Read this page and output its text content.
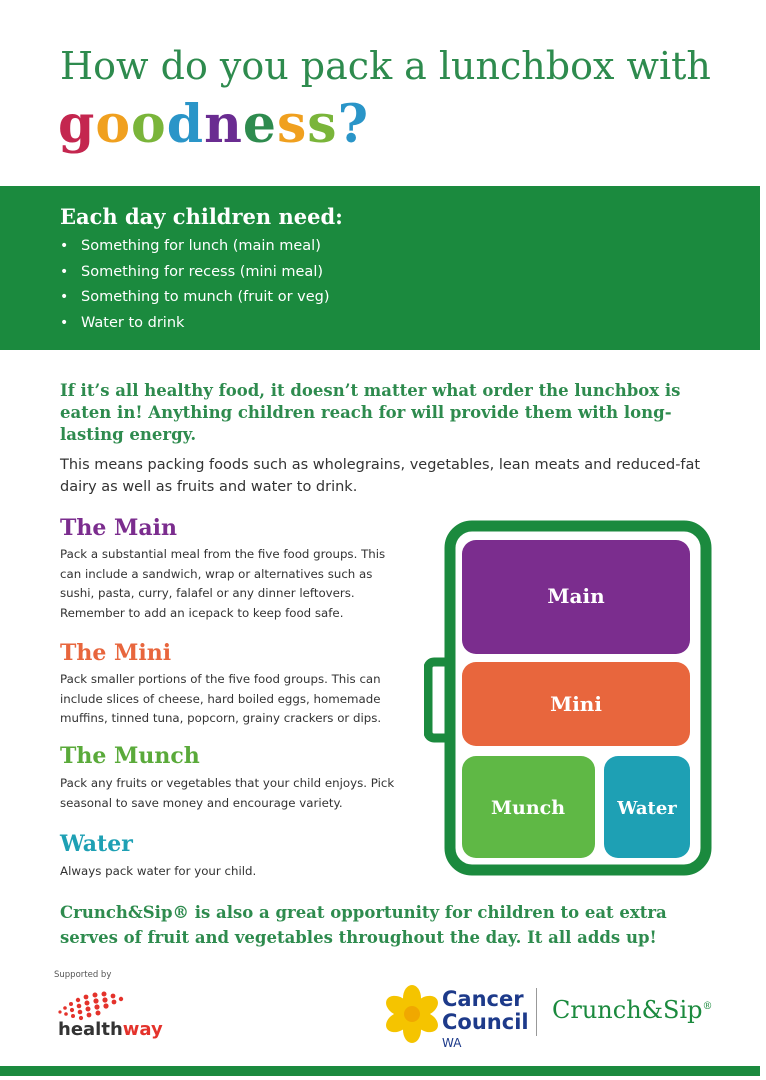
How do you pack a lunchbox with
goodness?
Each day children need:
• Something for lunch (main meal)
• Something for recess (mini meal)
• Something to munch (fruit or veg)
• Water to drink
If it’s all healthy food, it doesn’t matter what order the lunchbox is eaten in! Anything children reach for will provide them with long-lasting energy.
This means packing foods such as wholegrains, vegetables, lean meats and reduced-fat dairy as well as fruits and water to drink.
The Main
Pack a substantial meal from the five food groups. This can include a sandwich, wrap or alternatives such as sushi, pasta, curry, falafel or any dinner leftovers. Remember to add an icepack to keep food safe.
The Mini
Pack smaller portions of the five food groups. This can include slices of cheese, hard boiled eggs, homemade muffins, tinned tuna, popcorn, grainy crackers or dips.
The Munch
Pack any fruits or vegetables that your child enjoys. Pick seasonal to save money and encourage variety.
Water
Always pack water for your child.
Main
Mini
Munch	Water
Crunch&Sip® is also a great opportunity for children to eat extra serves of fruit and vegetables throughout the day. It all adds up!
Supported by
healthway
Cancer
Council
WA
Crunch&Sip®
